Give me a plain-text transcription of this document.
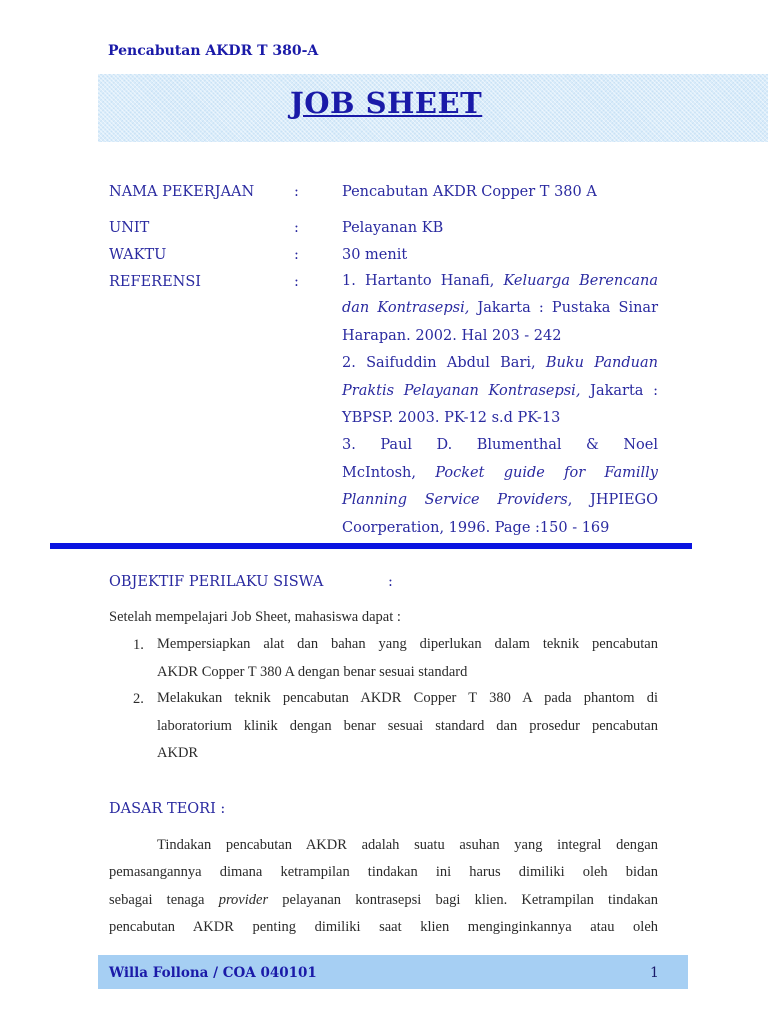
Pencabutan AKDR T 380-A
JOB SHEET
NAMA PEKERJAAN	:	Pencabutan AKDR Copper T 380 A
UNIT	:	Pelayanan KB
WAKTU	:	30 menit
REFERENSI	:	1. Hartanto Hanafi, Keluarga Berencana
dan Kontrasepsi, Jakarta : Pustaka Sinar
Harapan. 2002. Hal 203 - 242
2. Saifuddin Abdul Bari, Buku Panduan
Praktis Pelayanan Kontrasepsi, Jakarta :
YBPSP. 2003. PK-12 s.d PK-13
3. Paul D. Blumenthal & Noel
McIntosh, Pocket guide for Familly
Planning Service Providers, JHPIEGO
Coorperation, 1996. Page :150 - 169
OBJEKTIF PERILAKU SISWA	:
Setelah mempelajari Job Sheet, mahasiswa dapat :
1. Mempersiapkan alat dan bahan yang diperlukan dalam teknik pencabutan
AKDR Copper T 380 A dengan benar sesuai standard
2. Melakukan teknik pencabutan AKDR Copper T 380 A pada phantom di
laboratorium klinik dengan benar sesuai standard dan prosedur pencabutan
AKDR
DASAR TEORI :
Tindakan pencabutan AKDR adalah suatu asuhan yang integral dengan
pemasangannya dimana ketrampilan tindakan ini harus dimiliki oleh bidan
sebagai tenaga provider pelayanan kontrasepsi bagi klien. Ketrampilan tindakan
pencabutan AKDR penting dimiliki saat klien menginginkannya atau oleh
Willa Follona / COA 040101	1
